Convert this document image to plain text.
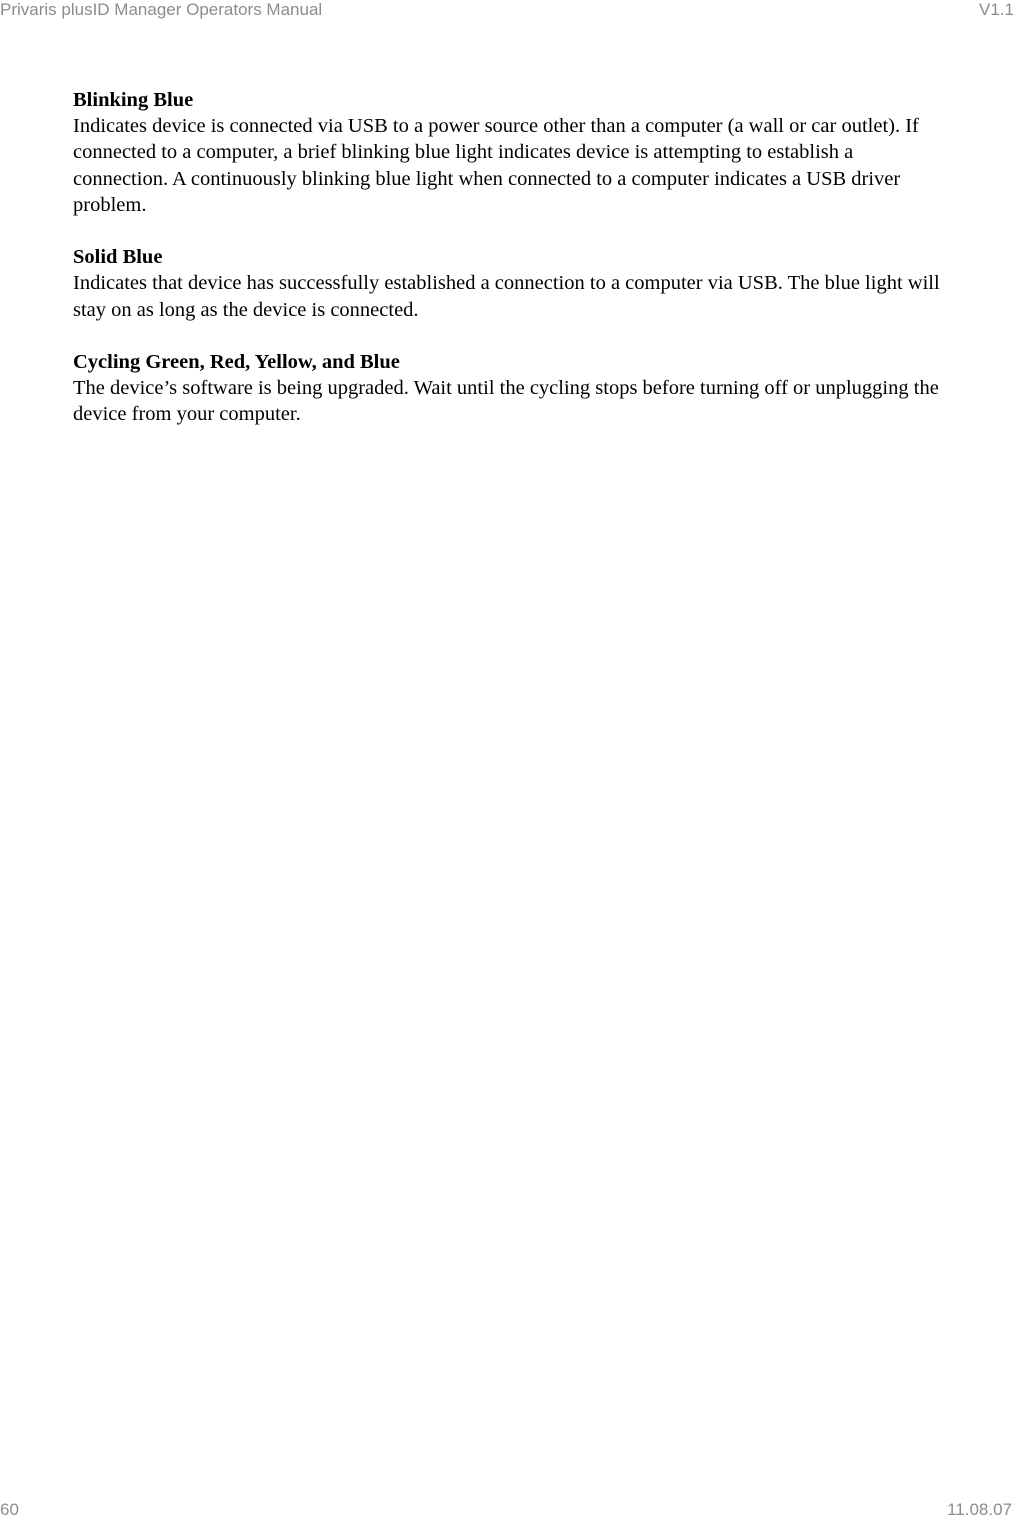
Privaris plusID Manager Operators Manual	V1.1

Blinking Blue

Indicates device is connected via USB to a power source other than a computer (a wall or car outlet). If connected to a computer, a brief blinking blue light indicates device is attempting to establish a connection. A continuously blinking blue light when connected to a computer indicates a USB driver problem.

Solid Blue

Indicates that device has successfully established a connection to a computer via USB. The blue light will stay on as long as the device is connected.

Cycling Green, Red, Yellow, and Blue

The device’s software is being upgraded. Wait until the cycling stops before turning off or unplugging the device from your computer.

60	11.08.07
